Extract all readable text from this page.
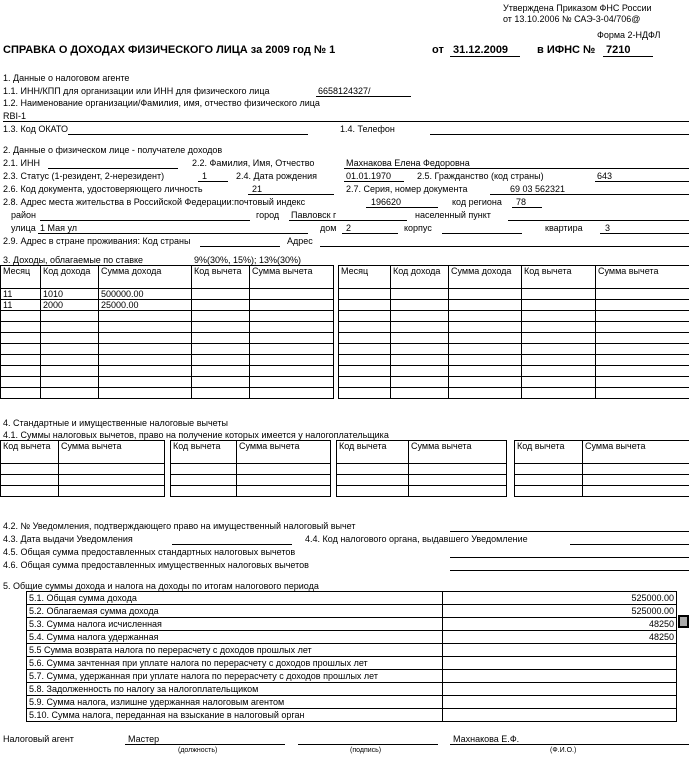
Утверждена Приказом ФНС России
от 13.10.2006 № САЭ-3-04/706@
Форма 2-НДФЛ
СПРАВКА О ДОХОДАХ ФИЗИЧЕСКОГО ЛИЦА за 2009 год № 1	от 31.12.2009	в ИФНС № 7210
1. Данные о налоговом агенте
1.1. ИНН/КПП для организации или ИНН для физического лица	6658124327/
1.2. Наименование организации/Фамилия, имя, отчество физического лица
RBI-1
1.3. Код ОКАТО	1.4. Телефон
2. Данные о физическом лице - получателе доходов
2.1. ИНН	2.2. Фамилия, Имя, Отчество	Махнакова Елена Федоровна
2.3. Статус (1-резидент, 2-нерезидент)	1	2.4. Дата рождения	01.01.1970	2.5. Гражданство (код страны)	643
2.6. Код документа, удостоверяющего личность	21	2.7. Серия, номер документа	69 03 562321
2.8. Адрес места жительства в Российской Федерации:почтовый индекс	196620	код региона 78
район	город Павловск г	населенный пункт
улица 1 Мая ул	дом 2	корпус	квартира 3
2.9. Адрес в стране проживания: Код страны	Адрес
3. Доходы, облагаемые по ставке	9%(30%, 15%); 13%(30%)
Месяц	Код дохода	Сумма дохода	Код вычета	Сумма вычета
11	1010	500000.00		
11	2000	25000.00		

Месяц	Код дохода	Сумма дохода	Код вычета	Сумма вычета

4. Стандартные и имущественные налоговые вычеты
4.1. Суммы налоговых вычетов, право на получение которых имеется у налогоплательщика
Код вычета	Сумма вычета

		Код вычета	Сумма вычета

		Код вычета	Сумма вычета

		Код вычета	Сумма вычета

4.2. № Уведомления, подтверждающего право на имущественный налоговый вычет
4.3. Дата выдачи Уведомления	4.4. Код налогового органа, выдавшего Уведомление
4.5. Общая сумма предоставленных стандартных налоговых вычетов
4.6. Общая сумма предоставленных имущественных налоговых вычетов
5. Общие суммы дохода и налога на доходы по итогам налогового периода
5.1. Общая сумма дохода	525000.00
5.2. Облагаемая сумма дохода	525000.00
5.3. Сумма налога исчисленная	48250
5.4. Сумма налога удержанная	48250
5.5 Сумма возврата налога по перерасчету с доходов прошлых лет	
5.6. Сумма зачтенная при уплате налога по перерасчету с доходов прошлых лет	
5.7. Сумма, удержанная при уплате налога по перерасчету с доходов прошлых лет	
5.8. Задолженность по налогу за налогоплательщиком	
5.9. Сумма налога, излишне удержанная налоговым агентом	
5.10. Сумма налога, переданная на взыскание в налоговый орган	
Налоговый агент	Мастер	Махнакова Е.Ф.
(должность)	(подпись)	(Ф.И.О.)
